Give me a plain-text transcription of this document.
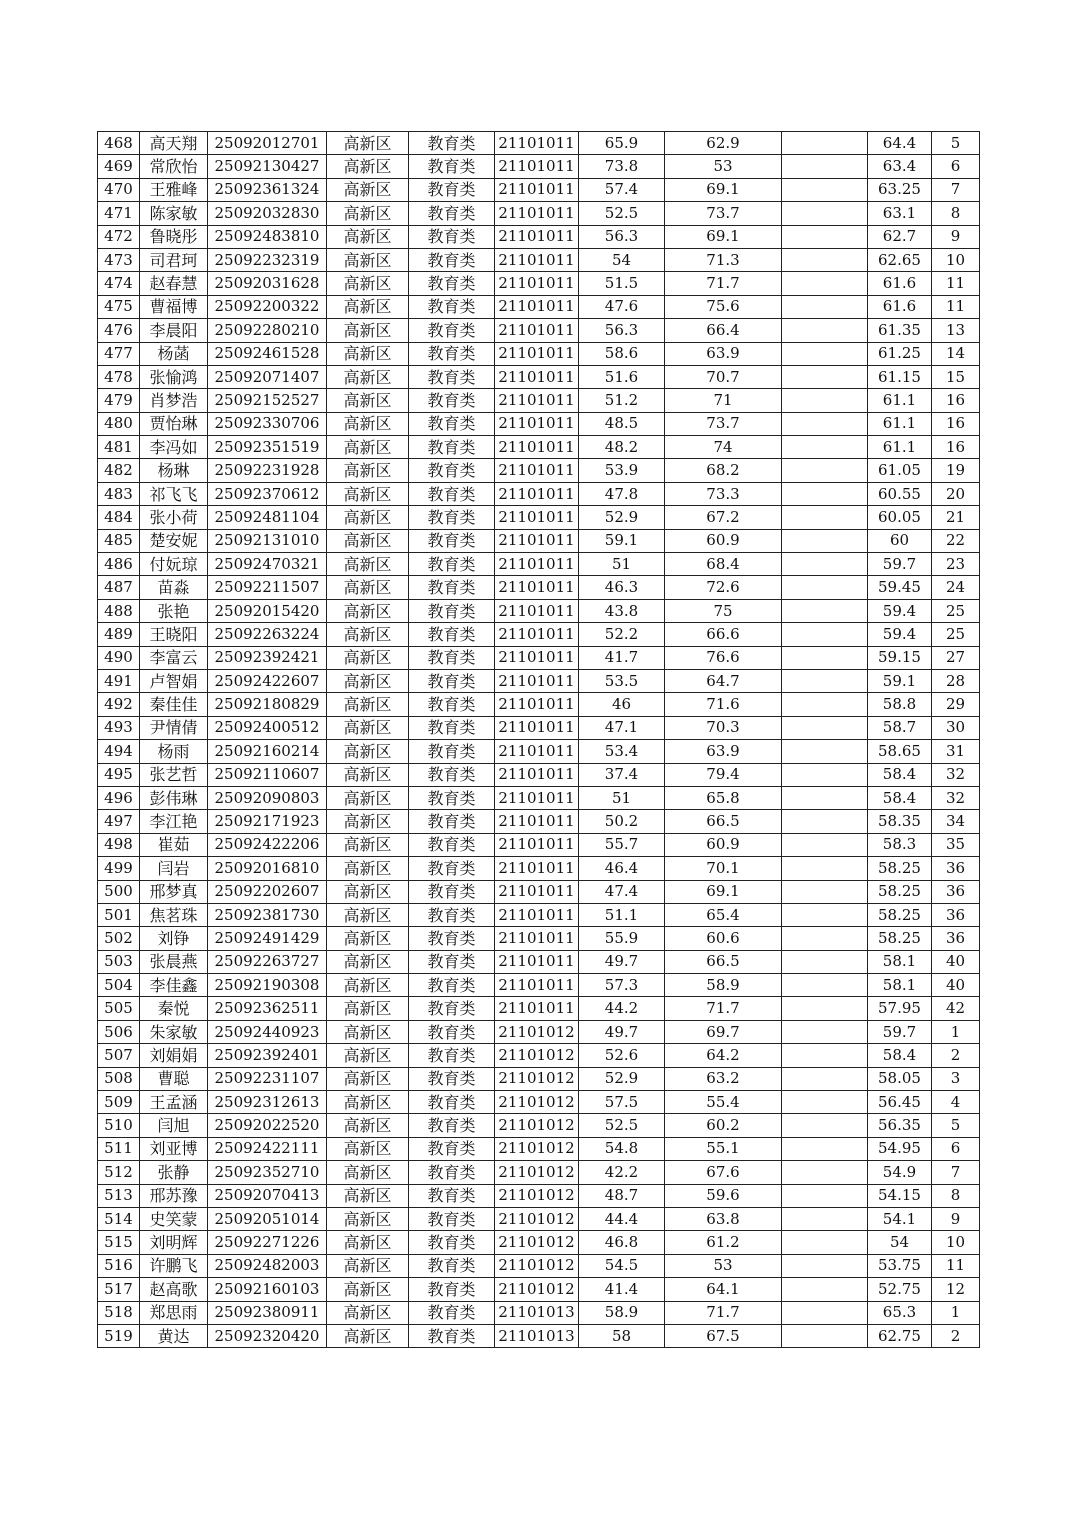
468	高天翔	25092012701	高新区	教育类	21101011	65.9	62.9		64.4	5
469	常欣怡	25092130427	高新区	教育类	21101011	73.8	53		63.4	6
470	王雅峰	25092361324	高新区	教育类	21101011	57.4	69.1		63.25	7
471	陈家敏	25092032830	高新区	教育类	21101011	52.5	73.7		63.1	8
472	鲁晓彤	25092483810	高新区	教育类	21101011	56.3	69.1		62.7	9
473	司君珂	25092232319	高新区	教育类	21101011	54	71.3		62.65	10
474	赵春慧	25092031628	高新区	教育类	21101011	51.5	71.7		61.6	11
475	曹福博	25092200322	高新区	教育类	21101011	47.6	75.6		61.6	11
476	李晨阳	25092280210	高新区	教育类	21101011	56.3	66.4		61.35	13
477	杨菡	25092461528	高新区	教育类	21101011	58.6	63.9		61.25	14
478	张愉鸿	25092071407	高新区	教育类	21101011	51.6	70.7		61.15	15
479	肖梦浩	25092152527	高新区	教育类	21101011	51.2	71		61.1	16
480	贾怡琳	25092330706	高新区	教育类	21101011	48.5	73.7		61.1	16
481	李冯如	25092351519	高新区	教育类	21101011	48.2	74		61.1	16
482	杨琳	25092231928	高新区	教育类	21101011	53.9	68.2		61.05	19
483	祁飞飞	25092370612	高新区	教育类	21101011	47.8	73.3		60.55	20
484	张小荷	25092481104	高新区	教育类	21101011	52.9	67.2		60.05	21
485	楚安妮	25092131010	高新区	教育类	21101011	59.1	60.9		60	22
486	付妧琼	25092470321	高新区	教育类	21101011	51	68.4		59.7	23
487	苗淼	25092211507	高新区	教育类	21101011	46.3	72.6		59.45	24
488	张艳	25092015420	高新区	教育类	21101011	43.8	75		59.4	25
489	王晓阳	25092263224	高新区	教育类	21101011	52.2	66.6		59.4	25
490	李富云	25092392421	高新区	教育类	21101011	41.7	76.6		59.15	27
491	卢智娟	25092422607	高新区	教育类	21101011	53.5	64.7		59.1	28
492	秦佳佳	25092180829	高新区	教育类	21101011	46	71.6		58.8	29
493	尹情倩	25092400512	高新区	教育类	21101011	47.1	70.3		58.7	30
494	杨雨	25092160214	高新区	教育类	21101011	53.4	63.9		58.65	31
495	张艺哲	25092110607	高新区	教育类	21101011	37.4	79.4		58.4	32
496	彭伟琳	25092090803	高新区	教育类	21101011	51	65.8		58.4	32
497	李江艳	25092171923	高新区	教育类	21101011	50.2	66.5		58.35	34
498	崔茹	25092422206	高新区	教育类	21101011	55.7	60.9		58.3	35
499	闫岩	25092016810	高新区	教育类	21101011	46.4	70.1		58.25	36
500	邢梦真	25092202607	高新区	教育类	21101011	47.4	69.1		58.25	36
501	焦茗珠	25092381730	高新区	教育类	21101011	51.1	65.4		58.25	36
502	刘铮	25092491429	高新区	教育类	21101011	55.9	60.6		58.25	36
503	张晨燕	25092263727	高新区	教育类	21101011	49.7	66.5		58.1	40
504	李佳鑫	25092190308	高新区	教育类	21101011	57.3	58.9		58.1	40
505	秦悦	25092362511	高新区	教育类	21101011	44.2	71.7		57.95	42
506	朱家敏	25092440923	高新区	教育类	21101012	49.7	69.7		59.7	1
507	刘娟娟	25092392401	高新区	教育类	21101012	52.6	64.2		58.4	2
508	曹聪	25092231107	高新区	教育类	21101012	52.9	63.2		58.05	3
509	王孟涵	25092312613	高新区	教育类	21101012	57.5	55.4		56.45	4
510	闫旭	25092022520	高新区	教育类	21101012	52.5	60.2		56.35	5
511	刘亚博	25092422111	高新区	教育类	21101012	54.8	55.1		54.95	6
512	张静	25092352710	高新区	教育类	21101012	42.2	67.6		54.9	7
513	邢苏豫	25092070413	高新区	教育类	21101012	48.7	59.6		54.15	8
514	史笑蒙	25092051014	高新区	教育类	21101012	44.4	63.8		54.1	9
515	刘明辉	25092271226	高新区	教育类	21101012	46.8	61.2		54	10
516	许鹏飞	25092482003	高新区	教育类	21101012	54.5	53		53.75	11
517	赵高歌	25092160103	高新区	教育类	21101012	41.4	64.1		52.75	12
518	郑思雨	25092380911	高新区	教育类	21101013	58.9	71.7		65.3	1
519	黄达	25092320420	高新区	教育类	21101013	58	67.5		62.75	2
